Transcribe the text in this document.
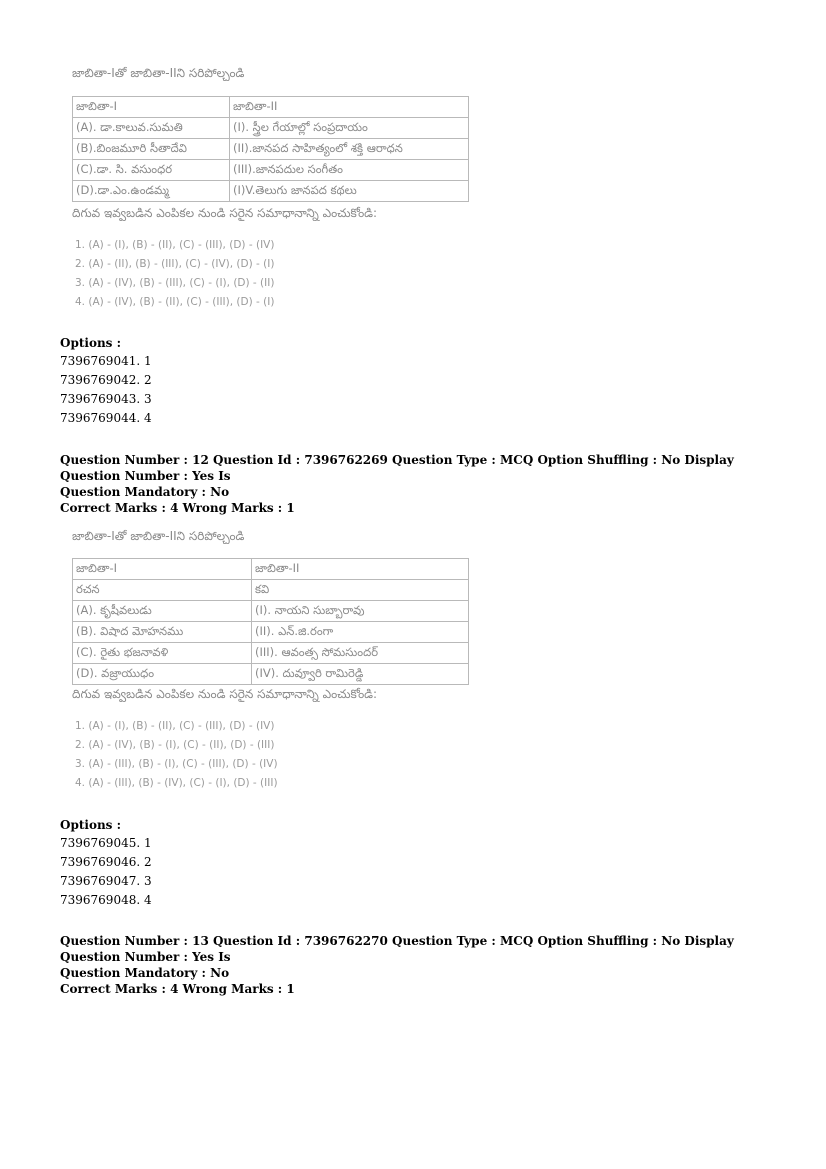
జాబితా-Iతో జాబితా-IIని సరిపోల్చండి
జాబితా-I	జాబితా-II
(A). డా.కాలువ.సుమతి	(I). స్త్రీల గేయాల్లో సంప్రదాయం
(B).బింజమూరి సీతాదేవి	(II).జానపద సాహిత్యంలో శక్తి ఆరాధన
(C).డా. సి. వసుంధర	(III).జానపదుల సంగీతం
(D).డా.ఎం.ఉండమ్మ	(I)V.తెలుగు జానపద కథలు
దిగువ ఇవ్వబడిన ఎంపికల నుండి సరైన సమాధానాన్ని ఎంచుకోండి:
1. (A) - (I), (B) - (II), (C) - (III), (D) - (IV)
2. (A) - (II), (B) - (III), (C) - (IV), (D) - (I)
3. (A) - (IV), (B) - (III), (C) - (I), (D) - (II)
4. (A) - (IV), (B) - (II), (C) - (III), (D) - (I)
Options :
7396769041. 1
7396769042. 2
7396769043. 3
7396769044. 4
Question Number : 12 Question Id : 7396762269 Question Type : MCQ Option Shuffling : No Display Question Number : Yes Is
Question Mandatory : No
Correct Marks : 4 Wrong Marks : 1
జాబితా-Iతో జాబితా-IIని సరిపోల్చండి
జాబితా-I	జాబితా-II
రచన	కవి
(A). కృషీవలుడు	(I). నాయని సుబ్బారావు
(B). విషాద మోహనము	(II). ఎన్.జి.రంగా
(C). రైతు భజనావళి	(III). ఆవంత్స సోమసుందర్
(D). వజ్రాయుధం	(IV). దువ్వూరి రామిరెడ్డి
దిగువ ఇవ్వబడిన ఎంపికల నుండి సరైన సమాధానాన్ని ఎంచుకోండి:
1. (A) - (I), (B) - (II), (C) - (III), (D) - (IV)
2. (A) - (IV), (B) - (I), (C) - (II), (D) - (III)
3. (A) - (III), (B) - (I), (C) - (III), (D) - (IV)
4. (A) - (III), (B) - (IV), (C) - (I), (D) - (III)
Options :
7396769045. 1
7396769046. 2
7396769047. 3
7396769048. 4
Question Number : 13 Question Id : 7396762270 Question Type : MCQ Option Shuffling : No Display Question Number : Yes Is
Question Mandatory : No
Correct Marks : 4 Wrong Marks : 1
